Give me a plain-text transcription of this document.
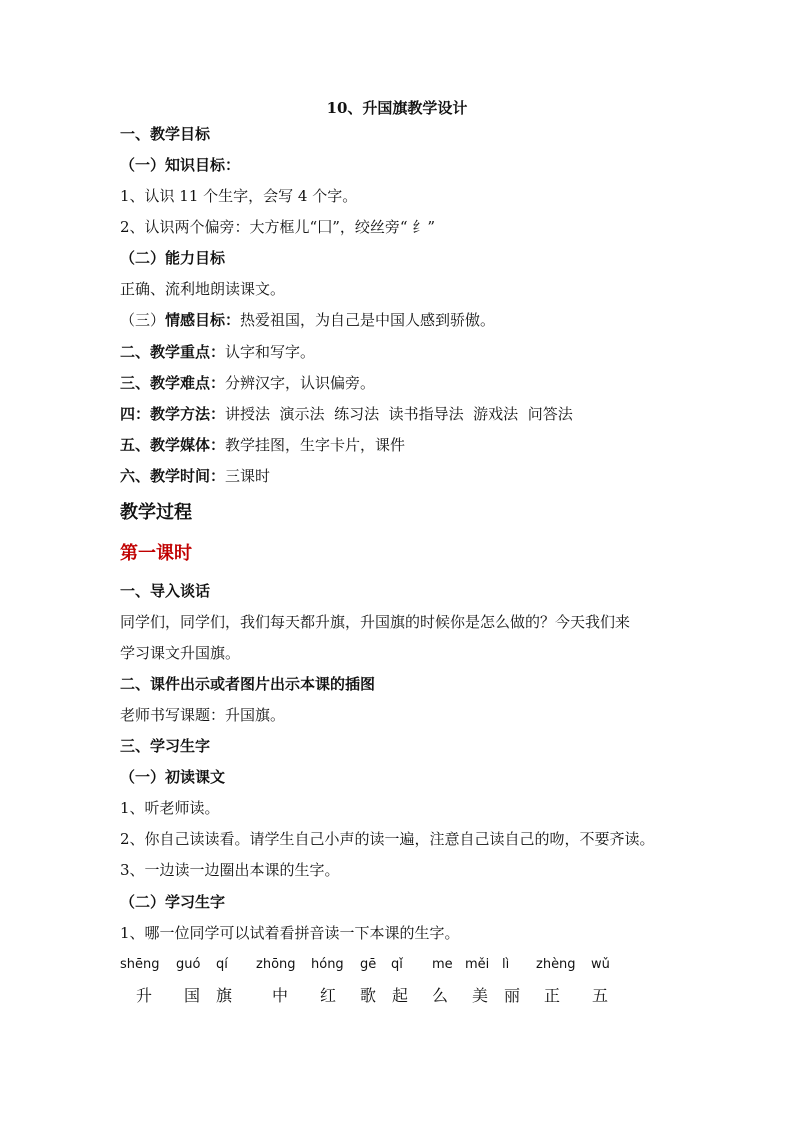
10、升国旗教学设计
一、教学目标
（一）知识目标：
1、认识 11 个生字，会写 4 个字。
2、认识两个偏旁：大方框儿“囗”，绞丝旁“ 纟”
（二）能力目标
正确、流利地朗读课文。
（三）情感目标：热爱祖国，为自己是中国人感到骄傲。
二、教学重点：认字和写字。
三、教学难点：分辨汉字，认识偏旁。
四：教学方法：讲授法  演示法  练习法  读书指导法  游戏法  问答法
五、教学媒体：教学挂图，生字卡片，课件
六、教学时间：三课时
教学过程
第一课时
一、导入谈话
同学们，同学们，我们每天都升旗，升国旗的时候你是怎么做的？今天我们来
学习课文升国旗。
二、课件出示或者图片出示本课的插图
老师书写课题：升国旗。
三、学习生字
（一）初读课文
1、听老师读。
2、你自己读读看。请学生自己小声的读一遍，注意自己读自己的吻，不要齐读。
3、一边读一边圈出本课的生字。
（二）学习生字
1、哪一位同学可以试着看拼音读一下本课的生字。
shēng guó qí zhōng hóng gē qǐ me měi lì zhèng wǔ
升 国 旗 中 红 歌 起 么 美 丽 正 五
